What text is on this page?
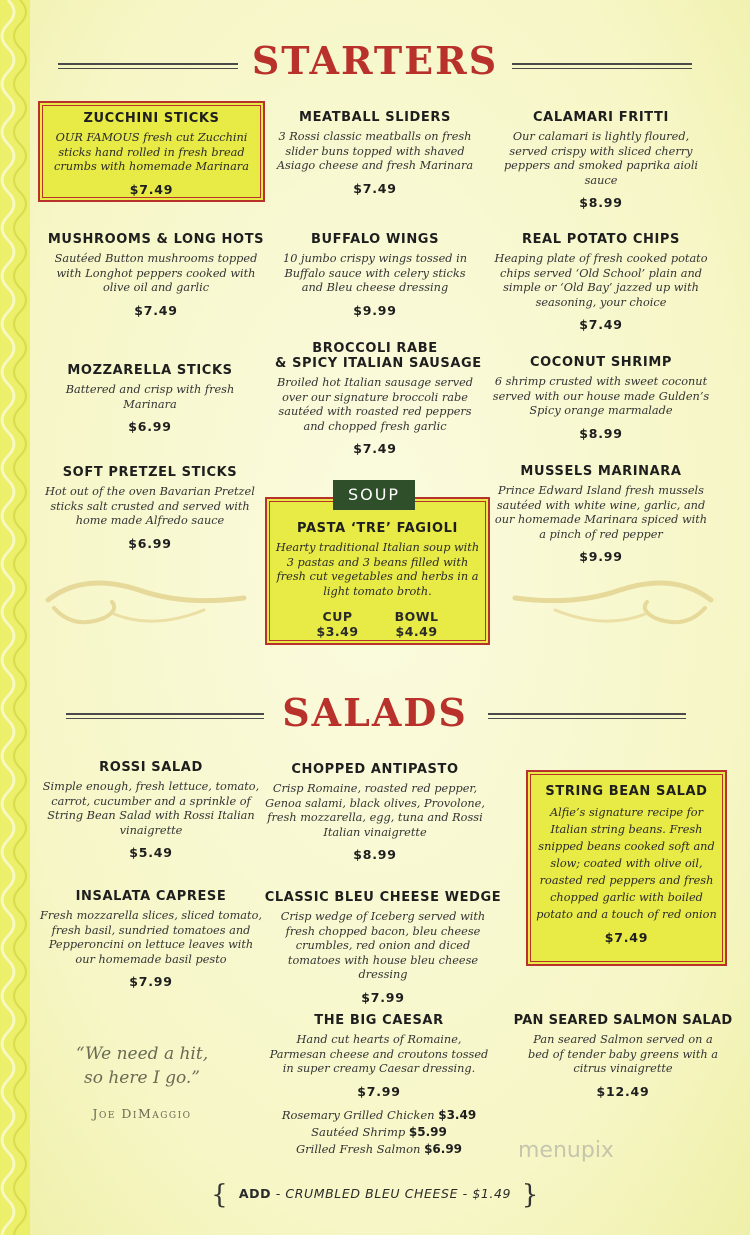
STARTERS
ZUCCHINI STICKS
OUR FAMOUS fresh cut Zucchini sticks hand rolled in fresh bread crumbs with homemade Marinara
$7.49
MEATBALL SLIDERS
3 Rossi classic meatballs on fresh slider buns topped with shaved Asiago cheese and fresh Marinara
$7.49
CALAMARI FRITTI
Our calamari is lightly floured, served crispy with sliced cherry peppers and smoked paprika aioli sauce
$8.99
MUSHROOMS & LONG HOTS
Sautéed Button mushrooms topped with Longhot peppers cooked with olive oil and garlic
$7.49
BUFFALO WINGS
10 jumbo crispy wings tossed in Buffalo sauce with celery sticks and Bleu cheese dressing
$9.99
REAL POTATO CHIPS
Heaping plate of fresh cooked potato chips served ‘Old School’ plain and simple or ‘Old Bay’ jazzed up with seasoning, your choice
$7.49
MOZZARELLA STICKS
Battered and crisp with fresh Marinara
$6.99
BROCCOLI RABE
& SPICY ITALIAN SAUSAGE
Broiled hot Italian sausage served over our signature broccoli rabe sautéed with roasted red peppers and chopped fresh garlic
$7.49
COCONUT SHRIMP
6 shrimp crusted with sweet coconut served with our house made Gulden’s Spicy orange marmalade
$8.99
SOFT PRETZEL STICKS
Hot out of the oven Bavarian Pretzel sticks salt crusted and served with home made Alfredo sauce
$6.99
MUSSELS MARINARA
Prince Edward Island fresh mussels sautéed with white wine, garlic, and our homemade Marinara spiced with a pinch of red pepper
$9.99
SOUP
PASTA ‘TRE’ FAGIOLI
Hearty traditional Italian soup with 3 pastas and 3 beans filled with fresh cut vegetables and herbs in a light tomato broth.
CUP
$3.49
BOWL
$4.49
SALADS
ROSSI SALAD
Simple enough, fresh lettuce, tomato, carrot, cucumber and a sprinkle of String Bean Salad with Rossi Italian vinaigrette
$5.49
CHOPPED ANTIPASTO
Crisp Romaine, roasted red pepper, Genoa salami, black olives, Provolone, fresh mozzarella, egg, tuna and Rossi Italian vinaigrette
$8.99
STRING BEAN SALAD
Alfie’s signature recipe for Italian string beans. Fresh snipped beans cooked soft and slow; coated with olive oil, roasted red peppers and fresh chopped garlic with boiled potato and a touch of red onion
$7.49
INSALATA CAPRESE
Fresh mozzarella slices, sliced tomato, fresh basil, sundried tomatoes and Pepperoncini on lettuce leaves with our homemade basil pesto
$7.99
CLASSIC BLEU CHEESE WEDGE
Crisp wedge of Iceberg served with fresh chopped bacon, bleu cheese crumbles, red onion and diced tomatoes with house bleu cheese dressing
$7.99
THE BIG CAESAR
Hand cut hearts of Romaine, Parmesan cheese and croutons tossed in super creamy Caesar dressing.
$7.99
Rosemary Grilled Chicken $3.49
Sautéed Shrimp $5.99
Grilled Fresh Salmon $6.99
PAN SEARED SALMON SALAD
Pan seared Salmon served on a bed of tender baby greens with a citrus vinaigrette
$12.49
“We need a hit,
so here I go.”
Joe DiMaggio
menupix
{ ADD - CRUMBLED BLEU CHEESE - $1.49 }
